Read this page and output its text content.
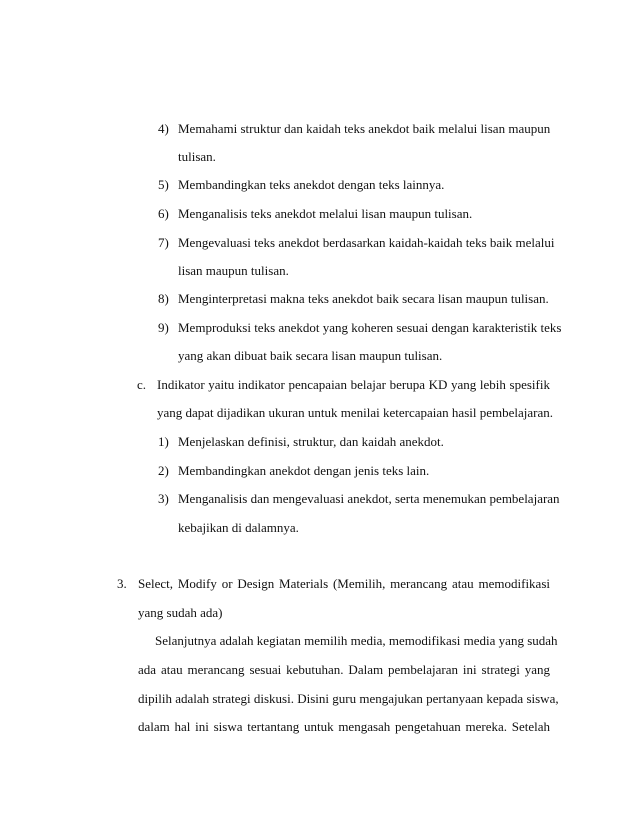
4) Memahami struktur dan kaidah teks anekdot baik melalui lisan maupun
tulisan.
5) Membandingkan teks anekdot dengan teks lainnya.
6) Menganalisis teks anekdot melalui lisan maupun tulisan.
7) Mengevaluasi teks anekdot berdasarkan kaidah-kaidah teks baik melalui
lisan maupun tulisan.
8) Menginterpretasi makna teks anekdot baik secara lisan maupun tulisan.
9) Memproduksi teks anekdot yang koheren sesuai dengan karakteristik teks
yang akan dibuat baik secara lisan maupun tulisan.
c. Indikator yaitu indikator pencapaian belajar berupa KD yang lebih spesifik
yang dapat dijadikan ukuran untuk menilai ketercapaian hasil pembelajaran.
1) Menjelaskan definisi, struktur, dan kaidah anekdot.
2) Membandingkan anekdot dengan jenis teks lain.
3) Menganalisis dan mengevaluasi anekdot, serta menemukan pembelajaran
kebajikan di dalamnya.
3. Select, Modify or Design Materials (Memilih, merancang atau memodifikasi
yang sudah ada)
Selanjutnya adalah kegiatan memilih media, memodifikasi media yang sudah
ada atau merancang sesuai kebutuhan. Dalam pembelajaran ini strategi yang
dipilih adalah strategi diskusi. Disini guru mengajukan pertanyaan kepada siswa,
dalam hal ini siswa tertantang untuk mengasah pengetahuan mereka. Setelah
